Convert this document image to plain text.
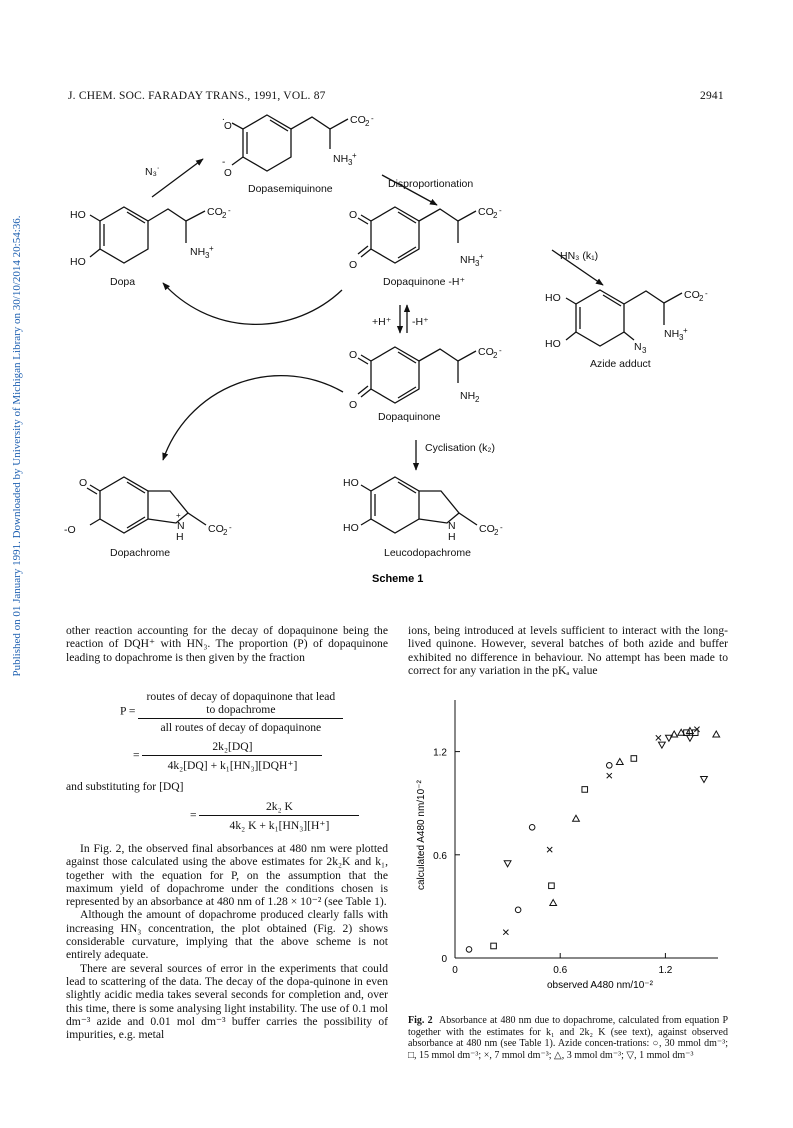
J. CHEM. SOC. FARADAY TRANS., 1991, VOL. 87	2941
Published on 01 January 1991. Downloaded by University of Michigan Library on 30/10/2014 20:54:36.
O
O
.
-
CO 2
-
NH 3
+
Dopasemiquinone
N₃˙
Disproportionation
HO
HO
CO 2
-
NH 3
+
Dopa
O
O
CO 2
-
NH 3
+
Dopaquinone -H⁺
+H⁺ -H⁺
HO
HO
CO 2
-
NH 3
+
N 3
Azide adduct
HN₃ (k₁)
O
O
CO 2
-
NH 2
Dopaquinone
Cyclisation (k₂)
O
-O	N
+
H
CO 2
-
Dopachrome
HO
HO	N
H
CO 2
-
Leucodopachrome
Scheme 1

other reaction accounting for the decay of dopaquinone being the reaction of DQH⁺ with HN₃. The proportion (P) of dopaquinone leading to dopachrome is then given by the fraction

$P = \frac{\text{routes of decay of dopaquinone that lead to dopachrome}}{\text{all routes of decay of dopaquinone}}$
= $\frac{\text{2k₂[DQ]}}{\text{4k₂[DQ] + k₁[HN₃][DQH⁺]}}$

and substituting for [DQ]

= $\frac{\text{2k₂ K}}{\text{4k₂ K + k₁[HN₃][H⁺]}}$

In Fig. 2, the observed final absorbances at 480 nm were plotted against those calculated using the above estimates for 2k₂K and k₁, together with the equation for P, on the assumption that the maximum yield of dopachrome under the conditions chosen is represented by an absorbance at 480 nm of 1.28 × 10⁻² (see Table 1).

Although the amount of dopachrome produced clearly falls with increasing HN₃ concentration, the plot obtained (Fig. 2) shows considerable curvature, implying that the above scheme is not entirely adequate.

There are several sources of error in the experiments that could lead to scattering of the data. The decay of the dopa-quinone in even slightly acidic media takes several seconds for completion and, over this time, there is some analysing light instability. The use of 0.1 mol dm⁻³ azide and 0.01 mol dm⁻³ buffer carries the possibility of impurities, e.g. metal

ions, being introduced at levels sufficient to interact with the long-lived quinone. However, several batches of both azide and buffer exhibited no difference in behaviour. No attempt has been made to correct for any variation in the pKₐ value

0	0.6	1.2
0
0.6
1.2
calculated A480 nm/10⁻²
observed A480 nm/10⁻²
Fig. 2 Absorbance at 480 nm due to dopachrome, calculated from equation P together with the estimates for k₁ and 2k₂ K (see text), against observed absorbance at 480 nm (see Table 1). Azide concen-trations: ○, 30 mmol dm⁻³; □, 15 mmol dm⁻³; ×, 7 mmol dm⁻³; △, 3 mmol dm⁻³; ▽, 1 mmol dm⁻³
